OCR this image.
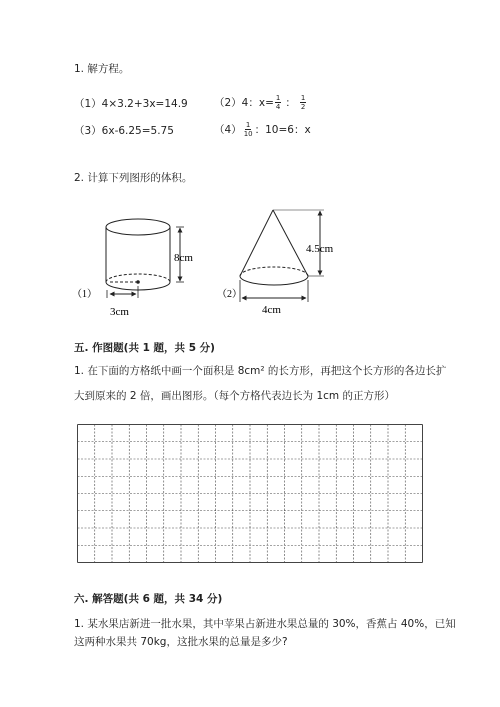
1. 解方程。
（1）4×3.2+3x=14.9	（2）4：$x= \frac{1}{4}$ ： $\frac{1}{2}$
（3）6x-6.25=5.75	$(4) \frac{1}{10}$ ：10=6：x
2. 计算下列图形的体积。
8cm
3cm
（1）
4.5cm
4cm
（2）
五. 作图题(共 1 题，共 5 分)
1. 在下面的方格纸中画一个面积是 8cm² 的长方形，再把这个长方形的各边长扩
大到原来的 2 倍，画出图形。（每个方格代表边长为 1cm 的正方形）
六. 解答题(共 6 题，共 34 分)
1. 某水果店新进一批水果，其中苹果占新进水果总量的 30%，香蕉占 40%，已知
这两种水果共 70kg，这批水果的总量是多少?
